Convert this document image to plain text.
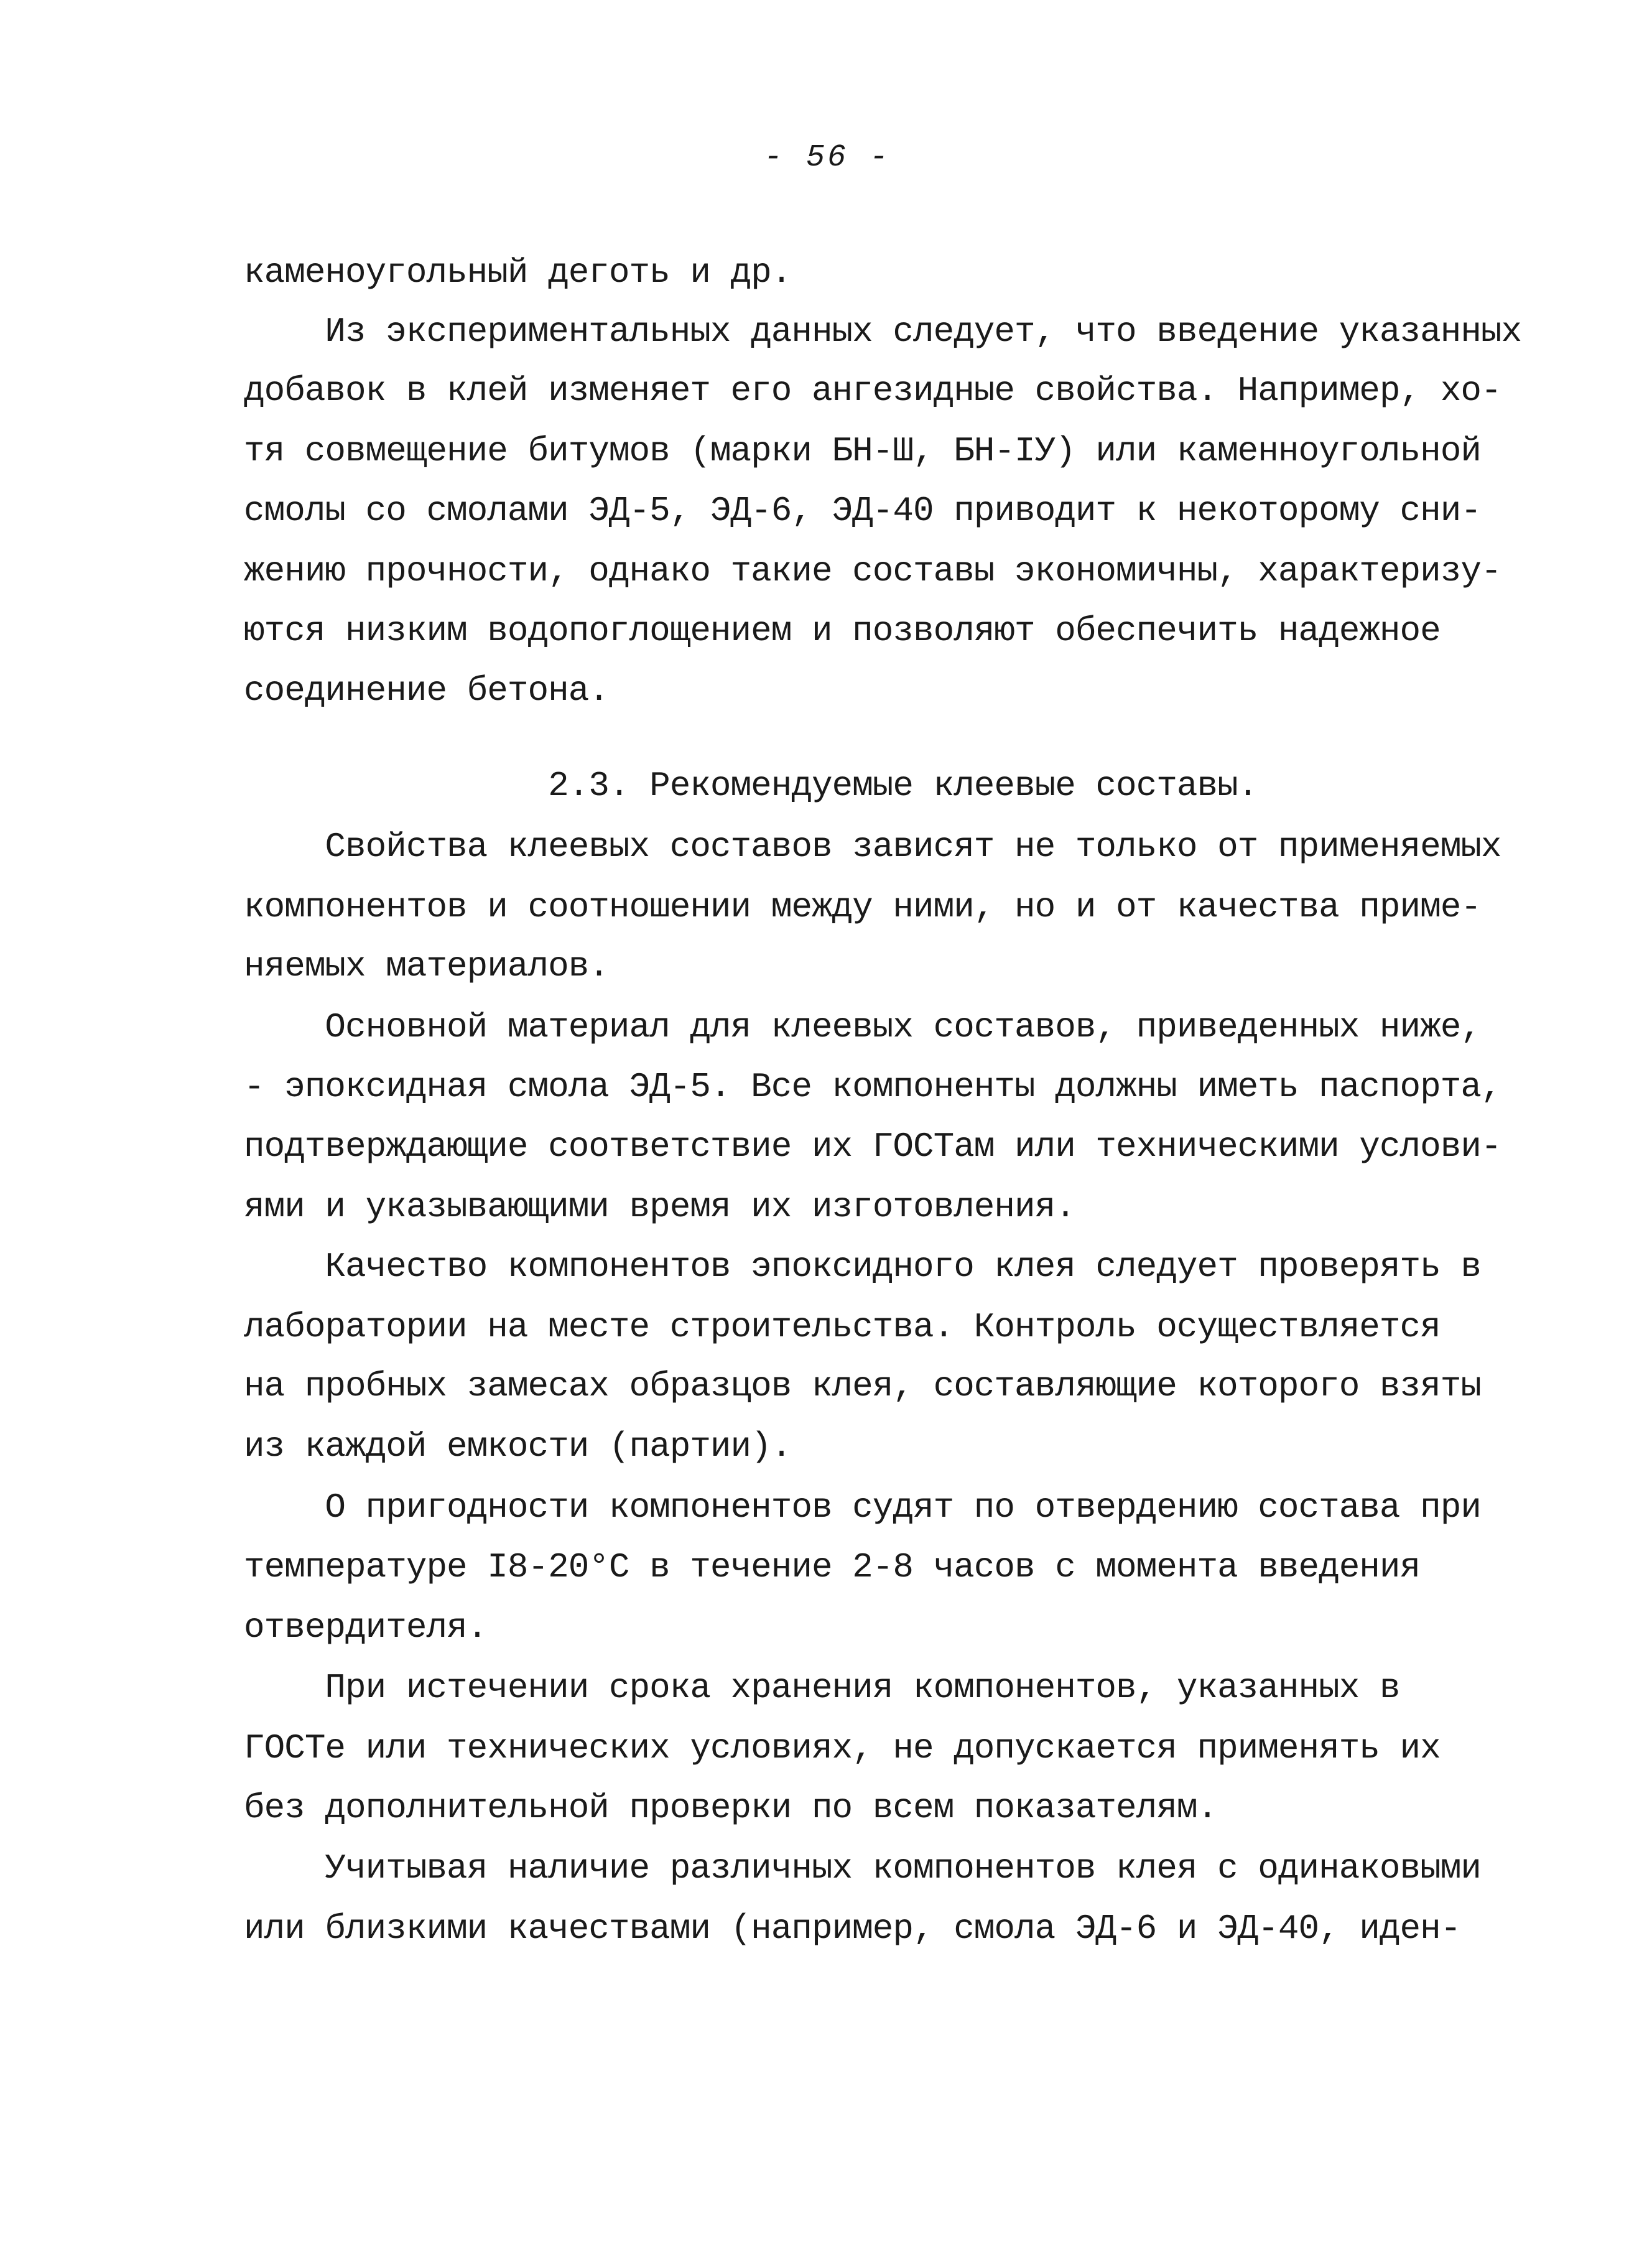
- 56 -
каменоугольный деготь и др.
Из экспериментальных данных следует, что введение указанных
добавок в клей изменяет его ангезидные свойства. Например, хо-
тя совмещение битумов (марки БН-Ш, БН-IУ) или каменноугольной
смолы со смолами ЭД-5, ЭД-6, ЭД-40 приводит к некоторому сни-
жению прочности, однако такие составы экономичны, характеризу-
ются низким водопоглощением и позволяют обеспечить надежное
соединение бетона.
2.3. Рекомендуемые клеевые составы.
Свойства клеевых составов зависят не только от применяемых
компонентов и соотношении между ними, но и от качества приме-
няемых материалов.
Основной материал для клеевых составов, приведенных ниже,
- эпоксидная смола ЭД-5. Все компоненты должны иметь паспорта,
подтверждающие соответствие их ГОСТам или техническими услови-
ями и указывающими время их изготовления.
Качество компонентов эпоксидного клея следует проверять в
лаборатории на месте строительства. Контроль осуществляется
на пробных замесах образцов клея, составляющие которого взяты
из каждой емкости (партии).
О пригодности компонентов судят по отвердению состава при
температуре I8-20°С в течение 2-8 часов с момента введения
отвердителя.
При истечении срока хранения компонентов, указанных в
ГОСТе или технических условиях, не допускается применять их
без дополнительной проверки по всем показателям.
Учитывая наличие различных компонентов клея с одинаковыми
или близкими качествами (например, смола ЭД-6 и ЭД-40, иден-
